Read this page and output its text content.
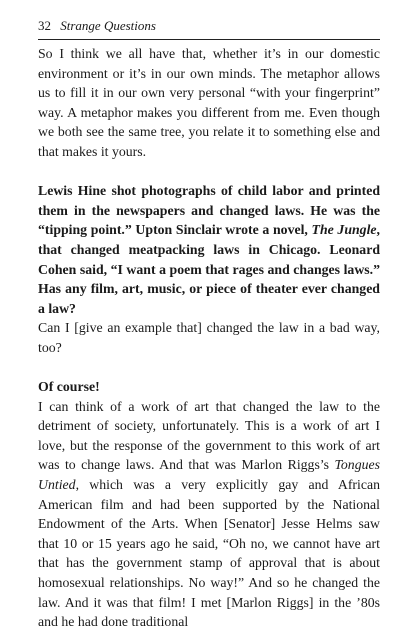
32 Strange Questions

So I think we all have that, whether it’s in our domestic environment or it’s in our own minds. The metaphor allows us to fill it in our own very personal “with your fingerprint” way. A metaphor makes you different from me. Even though we both see the same tree, you relate it to something else and that makes it yours.

Lewis Hine shot photographs of child labor and printed them in the newspapers and changed laws. He was the “tipping point.” Upton Sinclair wrote a novel, The Jungle, that changed meatpacking laws in Chicago. Leonard Cohen said, “I want a poem that rages and changes laws.” Has any film, art, music, or piece of theater ever changed a law?

Can I [give an example that] changed the law in a bad way, too?

Of course!

I can think of a work of art that changed the law to the detriment of society, unfortunately. This is a work of art I love, but the response of the government to this work of art was to change laws. And that was Marlon Riggs’s Tongues Untied, which was a very explicitly gay and African American film and had been supported by the National Endowment of the Arts. When [Senator] Jesse Helms saw that 10 or 15 years ago he said, “Oh no, we cannot have art that has the government stamp of approval that is about homosexual relationships. No way!” And so he changed the law. And it was that film! I met [Marlon Riggs] in the ’80s and he had done traditional
